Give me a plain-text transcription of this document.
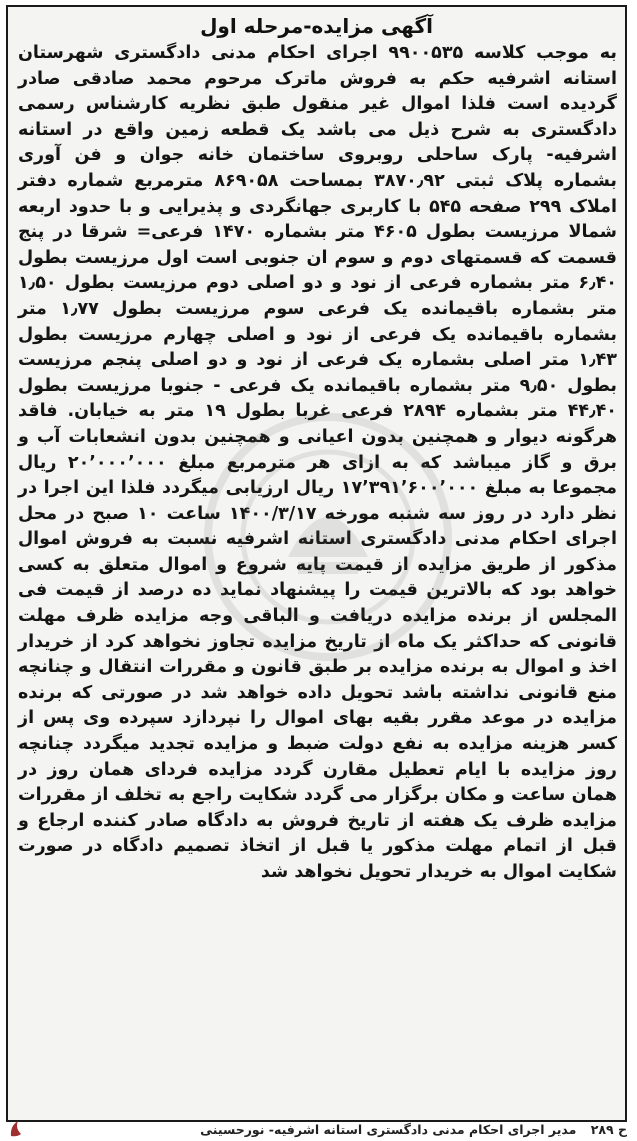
آگهی مزایده-مرحله اول

به موجب کلاسه ۹۹۰۰۵۳۵ اجرای احکام مدنی دادگستری شهرستان استانه اشرفیه حکم به فروش ماترک مرحوم محمد صادقی صادر گردیده است فلذا اموال غیر منقول طبق نظریه کارشناس رسمی دادگستری به شرح ذیل می باشد یک قطعه زمین واقع در استانه اشرفیه- پارک ساحلی روبروی ساختمان خانه جوان و فن آوری بشماره پلاک ثبتی ۳۸۷۰٫۹۲ بمساحت ۸۶۹۰۵۸ مترمربع شماره دفتر املاک ۲۹۹ صفحه ۵۴۵ با کاربری جهانگردی و پذیرایی و با حدود اربعه شمالا مرزیست بطول ۴۶۰۵ متر بشماره ۱۴۷۰ فرعی= شرقا در پنج قسمت که قسمتهای دوم و سوم ان جنوبی است اول مرزیست بطول ۶٫۴۰ متر بشماره فرعی از نود و دو اصلی دوم مرزیست بطول ۱٫۵۰ متر بشماره باقیمانده یک فرعی سوم مرزیست بطول ۱٫۷۷ متر بشماره باقیمانده یک فرعی از نود و اصلی چهارم مرزیست بطول ۱٫۴۳ متر اصلی بشماره یک فرعی از نود و دو اصلی پنجم مرزیست بطول ۹٫۵۰ متر بشماره باقیمانده یک فرعی - جنوبا مرزیست بطول ۴۴٫۴۰ متر بشماره ۲۸۹۴ فرعی غربا بطول ۱۹ متر به خیابان. فاقد هرگونه دیوار و همچنین بدون اعیانی و همچنین بدون انشعابات آب و برق و گاز میباشد که به ازای هر مترمربع مبلغ ۲۰٬۰۰۰٬۰۰۰ ریال مجموعا به مبلغ ۱۷٬۳۹۱٬۶۰۰٬۰۰۰ ریال ارزیابی میگردد فلذا این اجرا در نظر دارد در روز سه شنبه مورخه ۱۴۰۰/۳/۱۷ ساعت ۱۰ صبح در محل اجرای احکام مدنی دادگستری استانه اشرفیه نسبت به فروش اموال مذکور از طریق مزایده از قیمت پایه شروع و اموال متعلق به کسی خواهد بود که بالاترین قیمت را پیشنهاد نماید ده درصد از قیمت فی المجلس از برنده مزایده دریافت و الباقی وجه مزایده ظرف مهلت قانونی که حداکثر یک ماه از تاریخ مزایده تجاوز نخواهد کرد از خریدار اخذ و اموال به برنده مزایده بر طبق قانون و مقررات انتقال و چنانچه منع قانونی نداشته باشد تحویل داده خواهد شد در صورتی که برنده مزایده در موعد مقرر بقیه بهای اموال را نپردازد سپرده وی پس از کسر هزینه مزایده به نفع دولت ضبط و مزایده تجدید میگردد چنانچه روز مزایده با ایام تعطیل مقارن گردد مزایده فردای همان روز در همان ساعت و مکان برگزار می گردد شکایت راجع به تخلف از مقررات مزایده ظرف یک هفته از تاریخ فروش به دادگاه صادر کننده ارجاع و قبل از اتمام مهلت مذکور یا قبل از اتخاذ تصمیم دادگاه در صورت شکایت اموال به خریدار تحویل نخواهد شد

ح ۲۸۹ مدیر اجرای احکام مدنی دادگستری استانه اشرفیه- نورحسینی
